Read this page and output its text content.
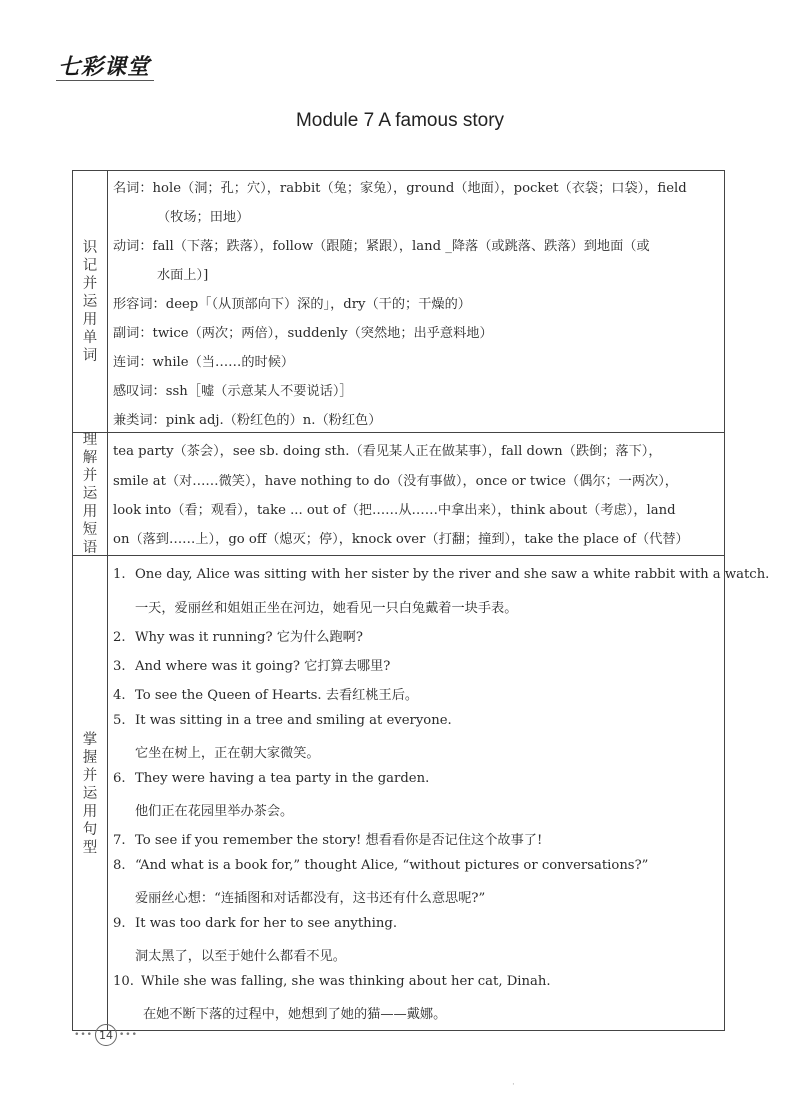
七彩课堂
Module 7 A famous story
识
记
并
运
用
单
词
理
解
并
运
用
短
语
掌
握
并
运
用
句
型
名词：hole（洞；孔；穴），rabbit（兔；家兔），ground（地面），pocket（衣袋；口袋），field
（牧场；田地）
动词：fall（下落；跌落），follow（跟随；紧跟），land _降落（或跳落、跌落）到地面（或
水面上）]
形容词：deep「（从顶部向下）深的」，dry（干的；干燥的）
副词：twice（两次；两倍），suddenly（突然地；出乎意料地）
连词：while（当……的时候）
感叹词：ssh［嘘（示意某人不要说话）］
兼类词：pink adj.（粉红色的）n.（粉红色）
tea party（茶会），see sb. doing sth.（看见某人正在做某事），fall down（跌倒；落下），
smile at（对……微笑），have nothing to do（没有事做），once or twice（偶尔；一两次），
look into（看；观看），take ... out of（把……从……中拿出来），think about（考虑），land
on（落到……上），go off（熄灭；停），knock over（打翻；撞到），take the place of（代替）
1. One day, Alice was sitting with her sister by the river and she saw a white rabbit with a watch.
一天，爱丽丝和姐姐正坐在河边，她看见一只白兔戴着一块手表。
2. Why was it running? 它为什么跑啊?
3. And where was it going? 它打算去哪里?
4. To see the Queen of Hearts. 去看红桃王后。
5. It was sitting in a tree and smiling at everyone.
它坐在树上，正在朝大家微笑。
6. They were having a tea party in the garden.
他们正在花园里举办茶会。
7. To see if you remember the story! 想看看你是否记住这个故事了!
8. “And what is a book for,” thought Alice, “without pictures or conversations?”
爱丽丝心想：“连插图和对话都没有，这书还有什么意思呢?”
9. It was too dark for her to see anything.
洞太黑了，以至于她什么都看不见。
10. While she was falling, she was thinking about her cat, Dinah.
在她不断下落的过程中，她想到了她的猫——戴娜。
••• 14 •••
·
